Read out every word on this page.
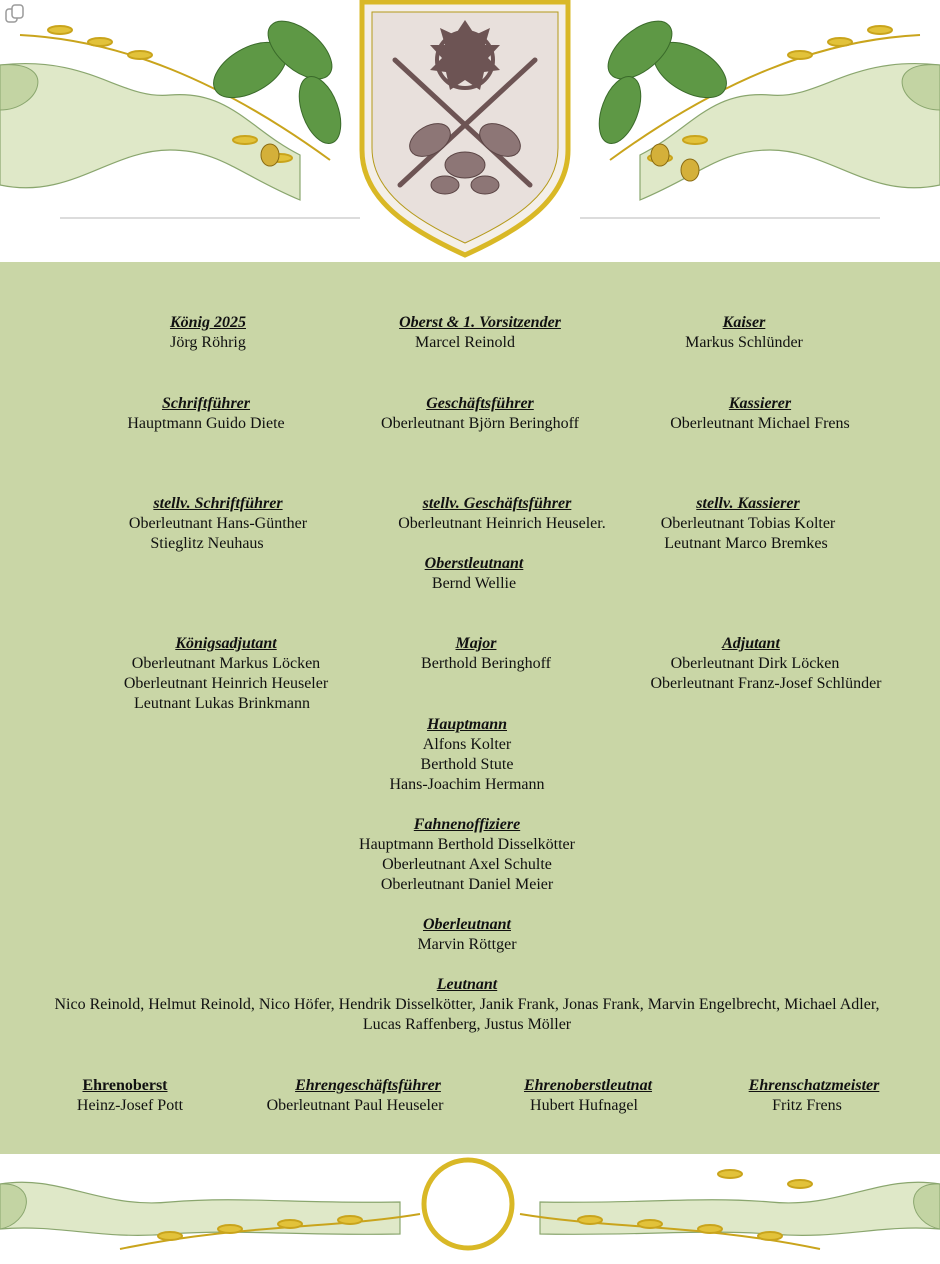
König 2025
Jörg Röhrig
Oberst & 1. Vorsitzender
Marcel Reinold
Kaiser
Markus Schlünder
Schriftführer
Hauptmann Guido Diete
Geschäftsführer
Oberleutnant Björn Beringhoff
Kassierer
Oberleutnant Michael Frens
stellv. Schriftführer
Oberleutnant Hans-Günther
Stieglitz Neuhaus
stellv. Geschäftsführer
Oberleutnant Heinrich Heuseler.
stellv. Kassierer
Oberleutnant Tobias Kolter
Leutnant Marco Bremkes
Oberstleutnant
Bernd Wellie
Königsadjutant
Oberleutnant Markus Löcken
Oberleutnant Heinrich Heuseler
Leutnant Lukas Brinkmann
Major
Berthold Beringhoff
Adjutant
Oberleutnant Dirk Löcken
Oberleutnant Franz-Josef Schlünder
Hauptmann
Alfons Kolter
Berthold Stute
Hans-Joachim Hermann
Fahnenoffiziere
Hauptmann Berthold Disselkötter
Oberleutnant Axel Schulte
Oberleutnant Daniel Meier
Oberleutnant
Marvin Röttger
Leutnant
Nico Reinold, Helmut Reinold, Nico Höfer, Hendrik Disselkötter, Janik Frank, Jonas Frank, Marvin Engelbrecht, Michael Adler,
Lucas Raffenberg, Justus Möller
Ehrenoberst
Heinz-Josef Pott
Ehrengeschäftsführer
Oberleutnant Paul Heuseler
Ehrenoberstleutnat
Hubert Hufnagel
Ehrenschatzmeister
Fritz Frens
